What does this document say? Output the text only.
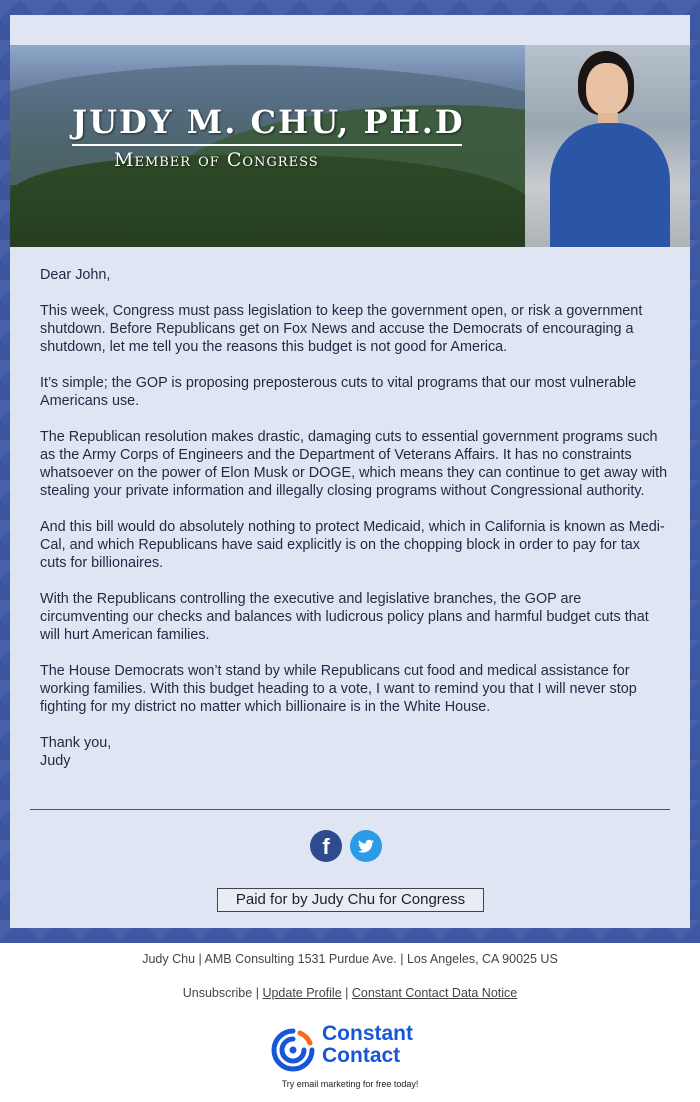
JUDY M. CHU, PH.D
Member of Congress

Dear John,

This week, Congress must pass legislation to keep the government open, or risk a government shutdown. Before Republicans get on Fox News and accuse the Democrats of encouraging a shutdown, let me tell you the reasons this budget is not good for America.

It’s simple; the GOP is proposing preposterous cuts to vital programs that our most vulnerable Americans use.

The Republican resolution makes drastic, damaging cuts to essential government programs such as the Army Corps of Engineers and the Department of Veterans Affairs. It has no constraints whatsoever on the power of Elon Musk or DOGE, which means they can continue to get away with stealing your private information and illegally closing programs without Congressional authority.

And this bill would do absolutely nothing to protect Medicaid, which in California is known as Medi-Cal, and which Republicans have said explicitly is on the chopping block in order to pay for tax cuts for billionaires.

With the Republicans controlling the executive and legislative branches, the GOP are circumventing our checks and balances with ludicrous policy plans and harmful budget cuts that will hurt American families.

The House Democrats won’t stand by while Republicans cut food and medical assistance for working families. With this budget heading to a vote, I want to remind you that I will never stop fighting for my district no matter which billionaire is in the White House.

Thank you,

Judy

f
Paid for by Judy Chu for Congress
Judy Chu | AMB Consulting 1531 Purdue Ave. | Los Angeles, CA 90025 US
Unsubscribe | Update Profile | Constant Contact Data Notice
Constant
Contact
Try email marketing for free today!
